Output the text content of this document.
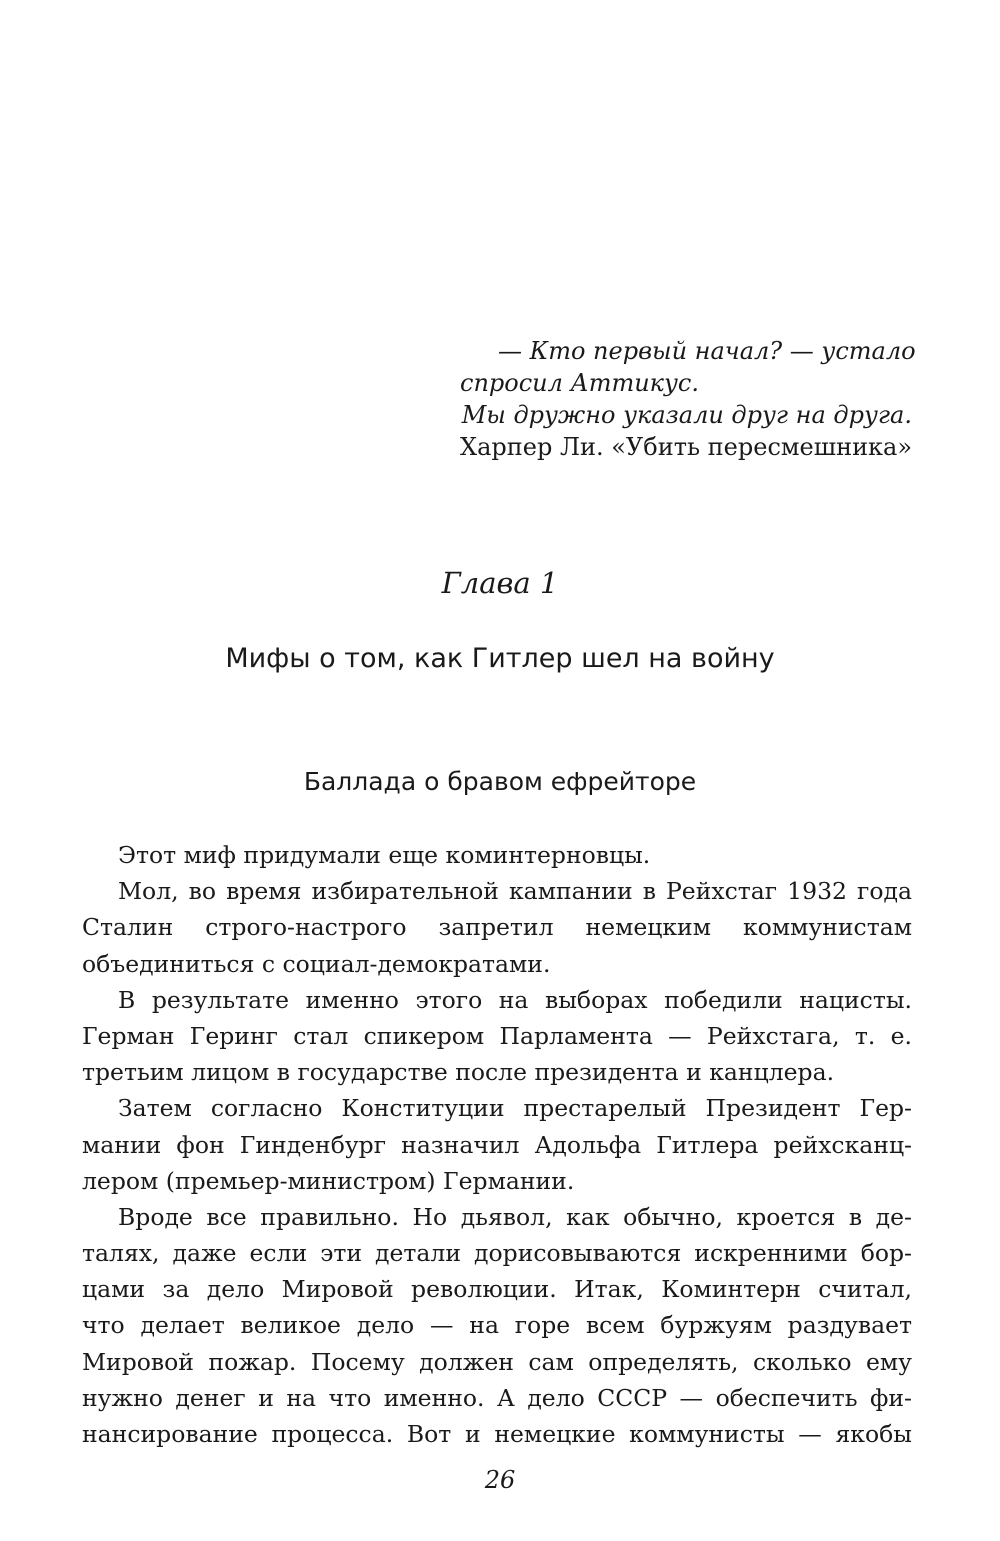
— Кто первый начал? — устало
спросил Аттикус.
Мы дружно указали друг на друга.
Харпер Ли. «Убить пересмешника»
Глава 1
Мифы о том, как Гитлер шел на войну
Баллада о бравом ефрейторе
Этот миф придумали еще коминтерновцы.
Мол, во время избирательной кампании в Рейхстаг 1932 года
Сталин строго-настрого запретил немецким коммунистам
объединиться с социал-демократами.
В результате именно этого на выборах победили нацисты.
Герман Геринг стал спикером Парламента — Рейхстага, т. е.
третьим лицом в государстве после президента и канцлера.
Затем согласно Конституции престарелый Президент Гер-
мании фон Гинденбург назначил Адольфа Гитлера рейхсканц-
лером (премьер-министром) Германии.
Вроде все правильно. Но дьявол, как обычно, кроется в де-
талях, даже если эти детали дорисовываются искренними бор-
цами за дело Мировой революции. Итак, Коминтерн считал,
что делает великое дело — на горе всем буржуям раздувает
Мировой пожар. Посему должен сам определять, сколько ему
нужно денег и на что именно. А дело СССР — обеспечить фи-
нансирование процесса. Вот и немецкие коммунисты — якобы
26
